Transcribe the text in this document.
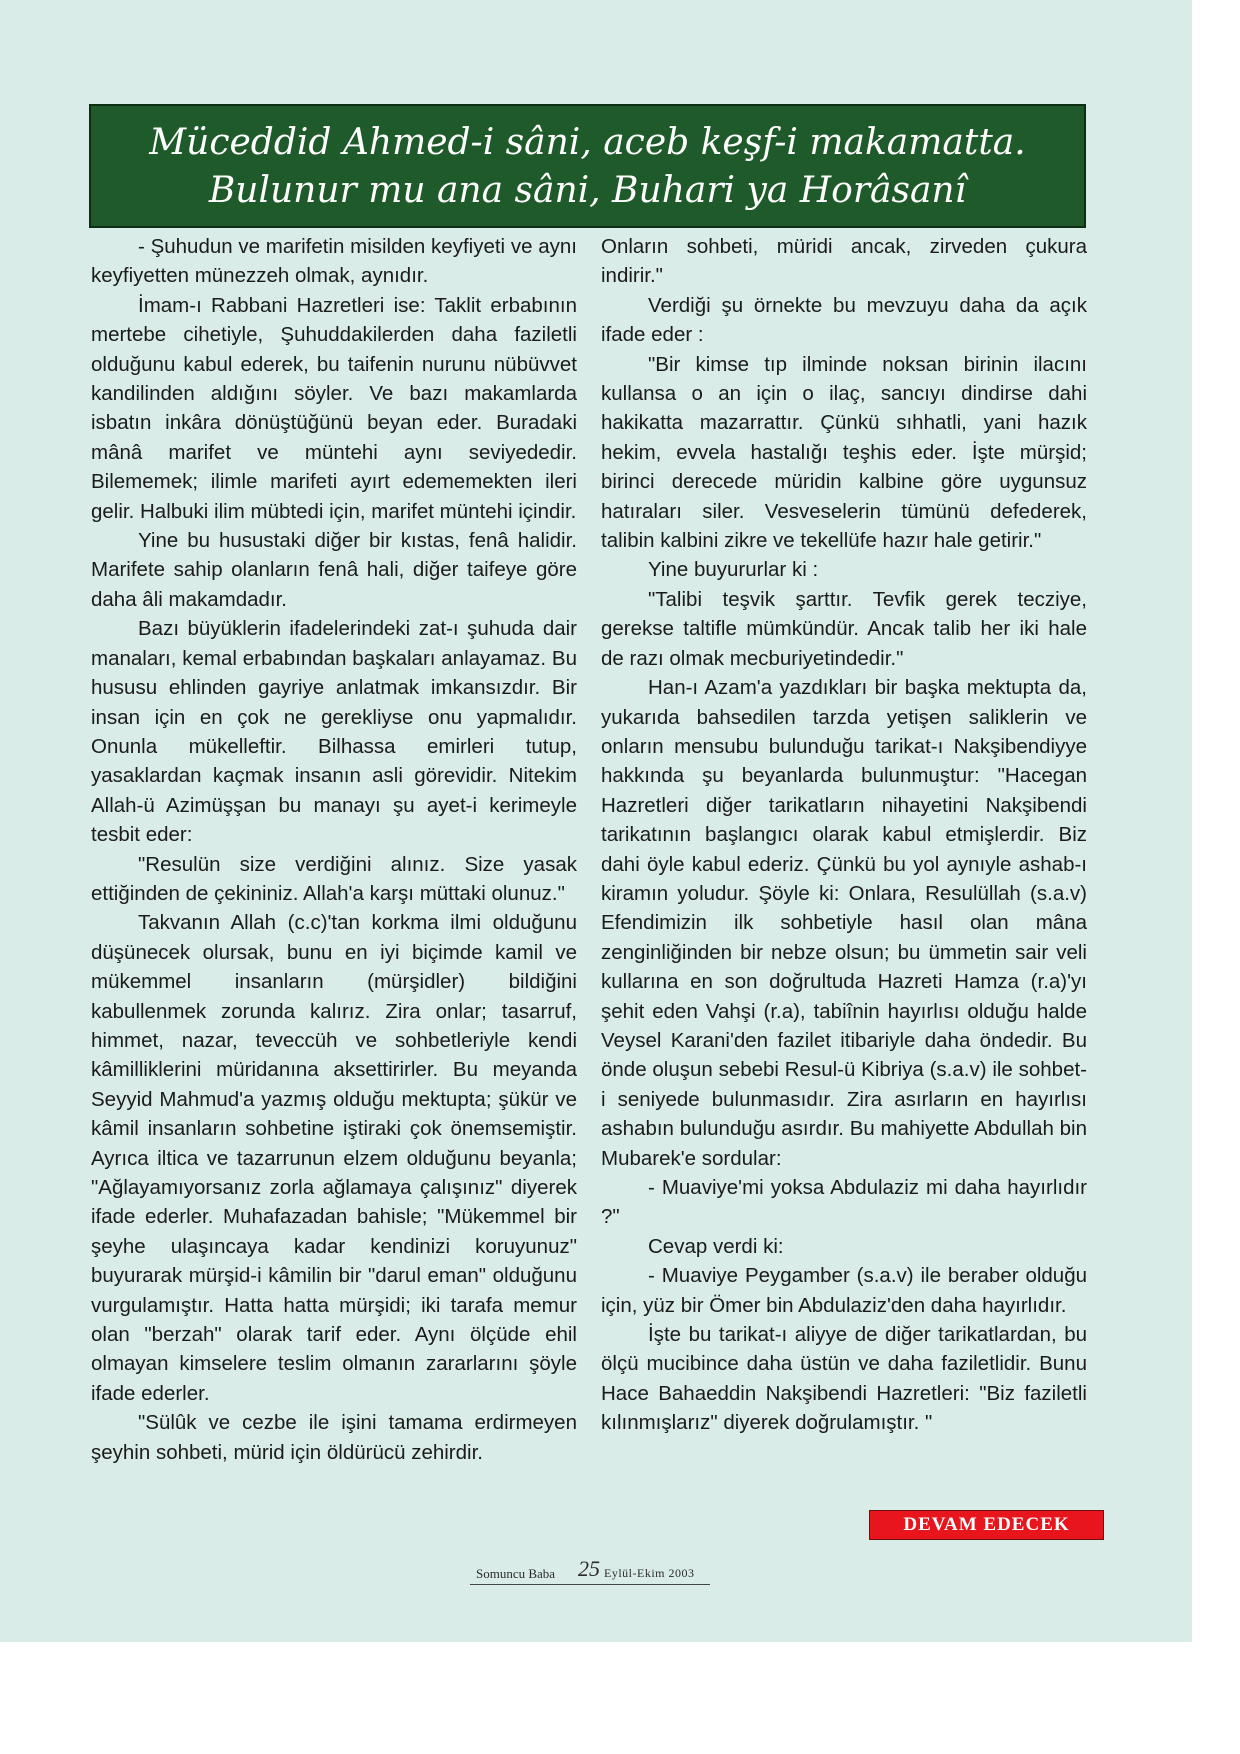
Müceddid Ahmed-i sâni, aceb keşf-i makamatta.
Bulunur mu ana sâni, Buhari ya Horâsanî

- Şuhudun ve marifetin misilden keyfiyeti ve aynı keyfiyetten münezzeh olmak, aynıdır.

İmam-ı Rabbani Hazretleri ise: Taklit erbabının mertebe cihetiyle, Şuhuddakilerden daha faziletli olduğunu kabul ederek, bu taifenin nurunu nübüvvet kandilinden aldığını söyler. Ve bazı makamlarda isbatın inkâra dönüştüğünü beyan eder. Buradaki mânâ marifet ve müntehi aynı seviyededir. Bilememek; ilimle marifeti ayırt edememekten ileri gelir. Halbuki ilim mübtedi için, marifet müntehi içindir.

Yine bu husustaki diğer bir kıstas, fenâ halidir. Marifete sahip olanların fenâ hali, diğer taifeye göre daha âli makamdadır.

Bazı büyüklerin ifadelerindeki zat-ı şuhuda dair manaları, kemal erbabından başkaları anlayamaz. Bu hususu ehlinden gayriye anlatmak imkansızdır. Bir insan için en çok ne gerekliyse onu yapmalıdır. Onunla mükelleftir. Bilhassa emirleri tutup, yasaklardan kaçmak insanın asli görevidir. Nitekim Allah-ü Azimüşşan bu manayı şu ayet-i kerimeyle tesbit eder:

"Resulün size verdiğini alınız. Size yasak ettiğinden de çekininiz. Allah'a karşı müttaki olunuz."

Takvanın Allah (c.c)'tan korkma ilmi olduğunu düşünecek olursak, bunu en iyi biçimde kamil ve mükemmel insanların (mürşidler) bildiğini kabullenmek zorunda kalırız. Zira onlar; tasarruf, himmet, nazar, teveccüh ve sohbetleriyle kendi kâmilliklerini müridanına aksettirirler. Bu meyanda Seyyid Mahmud'a yazmış olduğu mektupta; şükür ve kâmil insanların sohbetine iştiraki çok önemsemiştir. Ayrıca iltica ve tazarrunun elzem olduğunu beyanla; "Ağlayamıyorsanız zorla ağlamaya çalışınız" diyerek ifade ederler. Muhafazadan bahisle; "Mükemmel bir şeyhe ulaşıncaya kadar kendinizi koruyunuz" buyurarak mürşid-i kâmilin bir "darul eman" olduğunu vurgulamıştır. Hatta hatta mürşidi; iki tarafa memur olan "berzah" olarak tarif eder. Aynı ölçüde ehil olmayan kimselere teslim olmanın zararlarını şöyle ifade ederler.

"Sülûk ve cezbe ile işini tamama erdirmeyen şeyhin sohbeti, mürid için öldürücü zehirdir.

Onların sohbeti, müridi ancak, zirveden çukura indirir."

Verdiği şu örnekte bu mevzuyu daha da açık ifade eder :

"Bir kimse tıp ilminde noksan birinin ilacını kullansa o an için o ilaç, sancıyı dindirse dahi hakikatta mazarrattır. Çünkü sıhhatli, yani hazık hekim, evvela hastalığı teşhis eder. İşte mürşid; birinci derecede müridin kalbine göre uygunsuz hatıraları siler. Vesveselerin tümünü defederek, talibin kalbini zikre ve tekellüfe hazır hale getirir."

Yine buyururlar ki :

"Talibi teşvik şarttır. Tevfik gerek tecziye, gerekse taltifle mümkündür. Ancak talib her iki hale de razı olmak mecburiyetindedir."

Han-ı Azam'a yazdıkları bir başka mektupta da, yukarıda bahsedilen tarzda yetişen saliklerin ve onların mensubu bulunduğu tarikat-ı Nakşibendiyye hakkında şu beyanlarda bulunmuştur: "Hacegan Hazretleri diğer tarikatların nihayetini Nakşibendi tarikatının başlangıcı olarak kabul etmişlerdir. Biz dahi öyle kabul ederiz. Çünkü bu yol aynıyle ashab-ı kiramın yoludur. Şöyle ki: Onlara, Resulüllah (s.a.v) Efendimizin ilk sohbetiyle hasıl olan mâna zenginliğinden bir nebze olsun; bu ümmetin sair veli kullarına en son doğrultuda Hazreti Hamza (r.a)'yı şehit eden Vahşi (r.a), tabiînin hayırlısı olduğu halde Veysel Karani'den fazilet itibariyle daha öndedir. Bu önde oluşun sebebi Resul-ü Kibriya (s.a.v) ile sohbet-i seniyede bulunmasıdır. Zira asırların en hayırlısı ashabın bulunduğu asırdır. Bu mahiyette Abdullah bin Mubarek'e sordular:

- Muaviye'mi yoksa Abdulaziz mi daha hayırlıdır ?"

Cevap verdi ki:

- Muaviye Peygamber (s.a.v) ile beraber olduğu için, yüz bir Ömer bin Abdulaziz'den daha hayırlıdır.

İşte bu tarikat-ı aliyye de diğer tarikatlardan, bu ölçü mucibince daha üstün ve daha faziletlidir. Bunu Hace Bahaeddin Nakşibendi Hazretleri: "Biz faziletli kılınmışlarız" diyerek doğrulamıştır. "

DEVAM EDECEK
Somuncu Baba 25 Eylül-Ekim 2003
